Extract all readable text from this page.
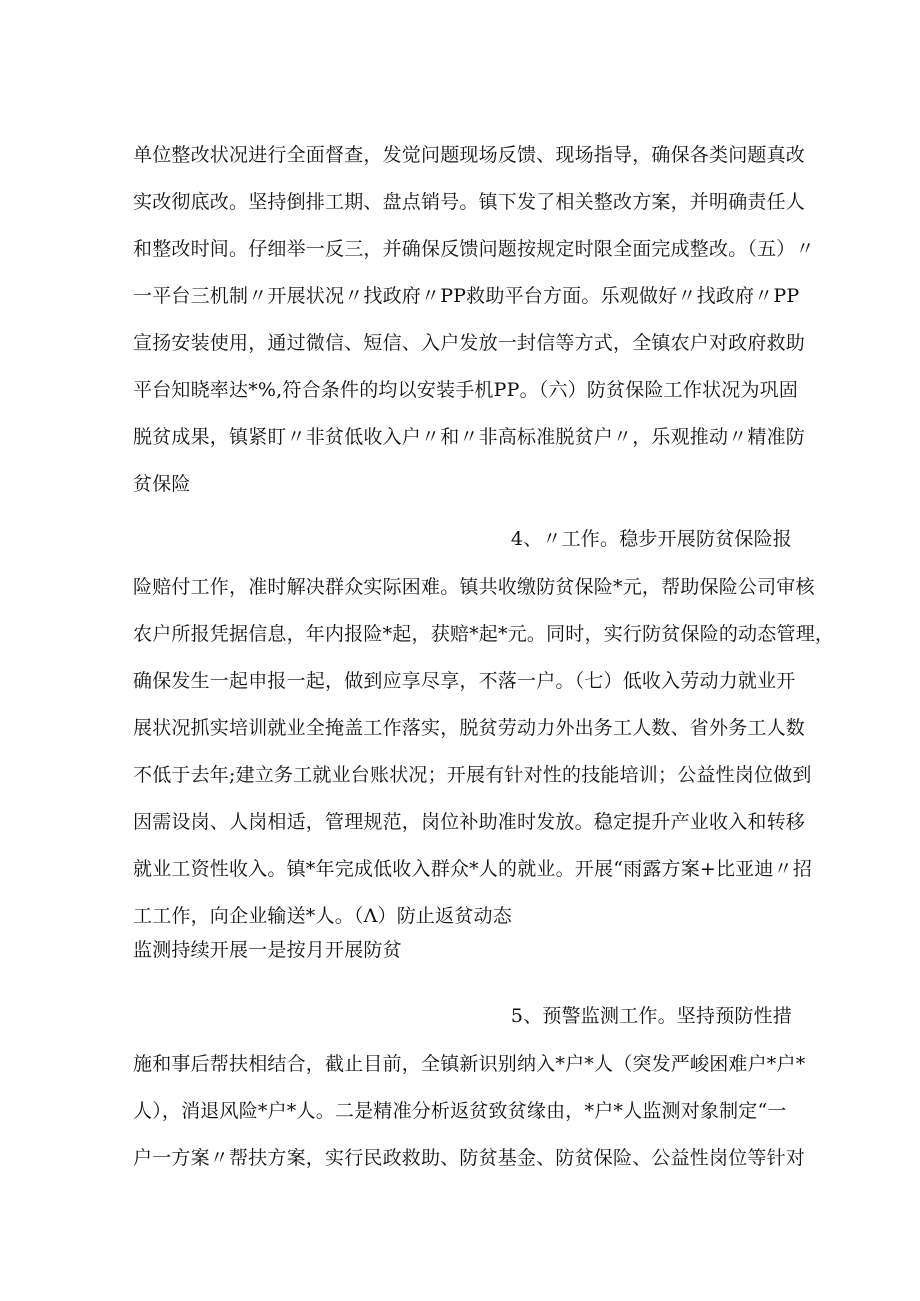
单位整改状况进行全面督查，发觉问题现场反馈、现场指导，确保各类问题真改
实改彻底改。坚持倒排工期、盘点销号。镇下发了相关整改方案，并明确责任人
和整改时间。仔细举一反三，并确保反馈问题按规定时限全面完成整改。（五）〃
一平台三机制〃开展状况〃找政府〃PP救助平台方面。乐观做好〃找政府〃PP
宣扬安装使用，通过微信、短信、入户发放一封信等方式，全镇农户对政府救助
平台知晓率达*%,符合条件的均以安装手机PP。（六）防贫保险工作状况为巩固
脱贫成果，镇紧盯〃非贫低收入户〃和〃非高标准脱贫户〃，乐观推动〃精准防
贫保险
4、〃工作。稳步开展防贫保险报
险赔付工作，准时解决群众实际困难。镇共收缴防贫保险*元，帮助保险公司审核
农户所报凭据信息，年内报险*起，获赔*起*元。同时，实行防贫保险的动态管理，
确保发生一起申报一起，做到应享尽享，不落一户。（七）低收入劳动力就业开
展状况抓实培训就业全掩盖工作落实，脱贫劳动力外出务工人数、省外务工人数
不低于去年;建立务工就业台账状况；开展有针对性的技能培训；公益性岗位做到
因需设岗、人岗相适，管理规范，岗位补助准时发放。稳定提升产业收入和转移
就业工资性收入。镇*年完成低收入群众*人的就业。开展“雨露方案+比亚迪〃招
工工作，向企业输送*人。（Λ）防止返贫动态
监测持续开展一是按月开展防贫
5、预警监测工作。坚持预防性措
施和事后帮扶相结合，截止目前，全镇新识别纳入*户*人（突发严峻困难户*户*
人），消退风险*户*人。二是精准分析返贫致贫缘由，*户*人监测对象制定“一
户一方案〃帮扶方案，实行民政救助、防贫基金、防贫保险、公益性岗位等针对
